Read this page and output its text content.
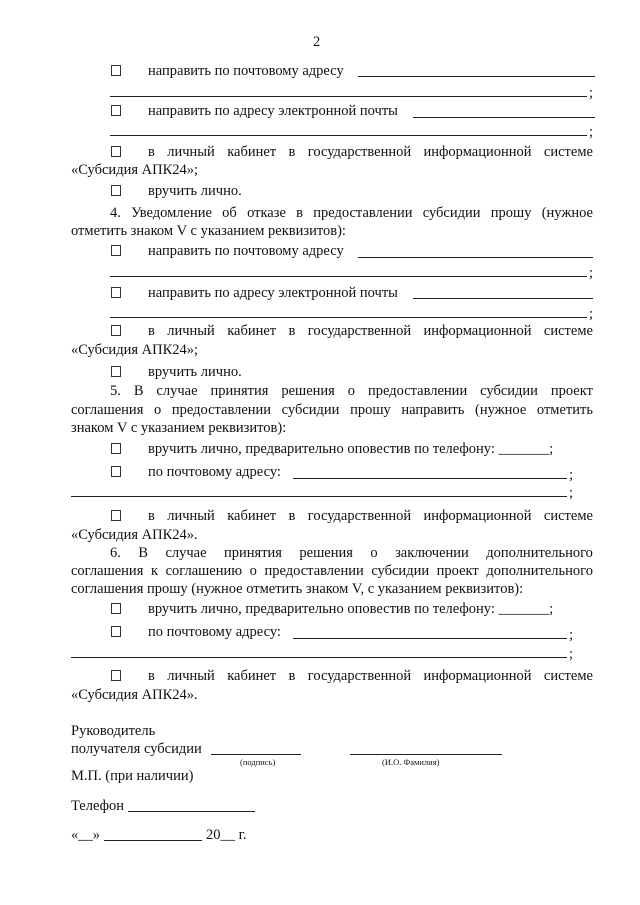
2
направить по почтовому адресу
;
направить по адресу электронной почты
;
в личный кабинет в государственной информационной системе
«Субсидия АПК24»;
вручить лично.
4. Уведомление об отказе в предоставлении субсидии прошу (нужное
отметить знаком V с указанием реквизитов):
направить по почтовому адресу
;
направить по адресу электронной почты
;
в личный кабинет в государственной информационной системе
«Субсидия АПК24»;
вручить лично.
5. В случае принятия решения о предоставлении субсидии проект
соглашения о предоставлении субсидии прошу направить (нужное отметить
знаком V с указанием реквизитов):
вручить лично, предварительно оповестив по телефону: _______;
по почтовому адресу:	;
;
в личный кабинет в государственной информационной системе
«Субсидия АПК24».
6. В случае принятия решения о заключении дополнительного
соглашения к соглашению о предоставлении субсидии проект дополнительного
соглашения прошу (нужное отметить знаком V, с указанием реквизитов):
вручить лично, предварительно оповестив по телефону: _______;
по почтовому адресу:	;
;
в личный кабинет в государственной информационной системе
«Субсидия АПК24».
Руководитель
получателя субсидии
(подпись)	(И.О. Фамилия)
М.П. (при наличии)
Телефон
«__»	20__ г.
